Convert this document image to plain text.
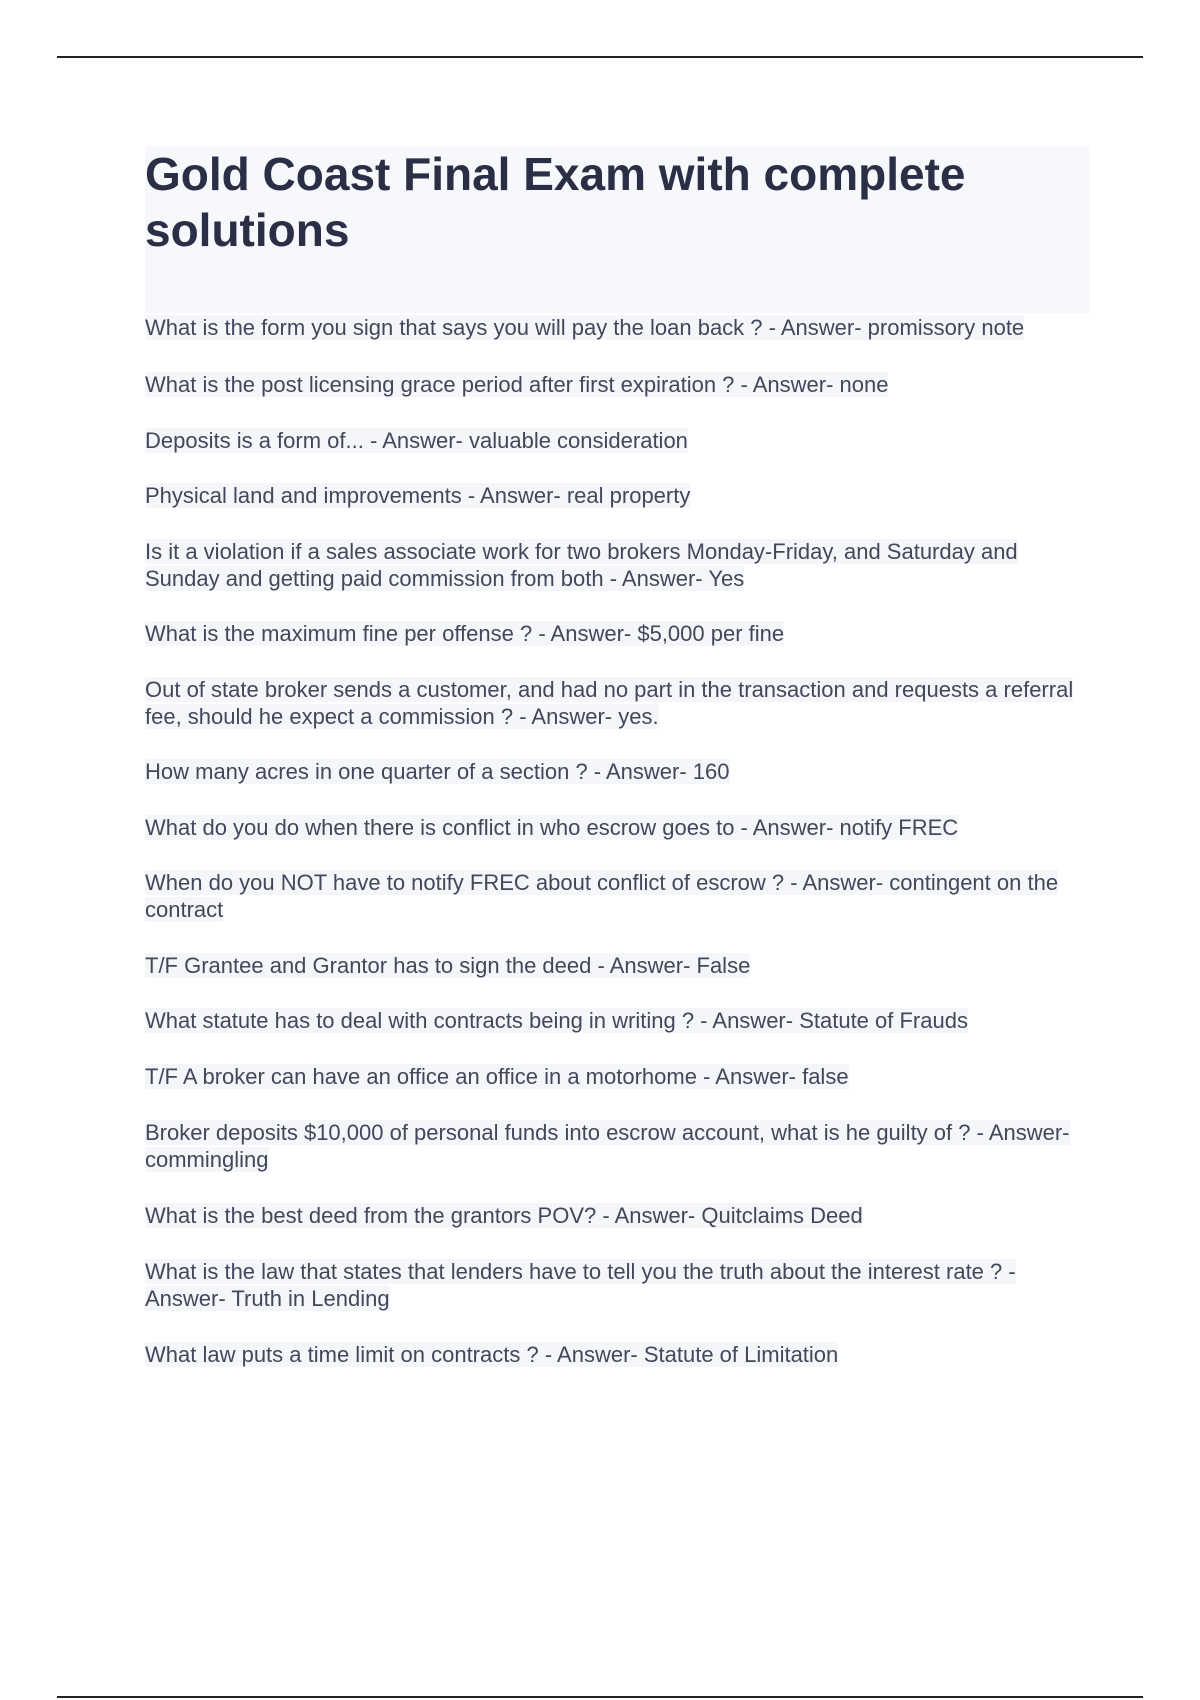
Gold Coast Final Exam with complete solutions
What is the form you sign that says you will pay the loan back ? - Answer- promissory note
What is the post licensing grace period after first expiration ? - Answer- none
Deposits is a form of... - Answer- valuable consideration
Physical land and improvements - Answer- real property
Is it a violation if a sales associate work for two brokers Monday-Friday, and Saturday and Sunday and getting paid commission from both - Answer- Yes
What is the maximum fine per offense ? - Answer- $5,000 per fine
Out of state broker sends a customer, and had no part in the transaction and requests a referral fee, should he expect a commission ? - Answer- yes.
How many acres in one quarter of a section ? - Answer- 160
What do you do when there is conflict in who escrow goes to - Answer- notify FREC
When do you NOT have to notify FREC about conflict of escrow ? - Answer- contingent on the contract
T/F Grantee and Grantor has to sign the deed - Answer- False
What statute has to deal with contracts being in writing ? - Answer- Statute of Frauds
T/F A broker can have an office an office in a motorhome - Answer- false
Broker deposits $10,000 of personal funds into escrow account, what is he guilty of ? - Answer- commingling
What is the best deed from the grantors POV? - Answer- Quitclaims Deed
What is the law that states that lenders have to tell you the truth about the interest rate ? - Answer- Truth in Lending
What law puts a time limit on contracts ? - Answer- Statute of Limitation
